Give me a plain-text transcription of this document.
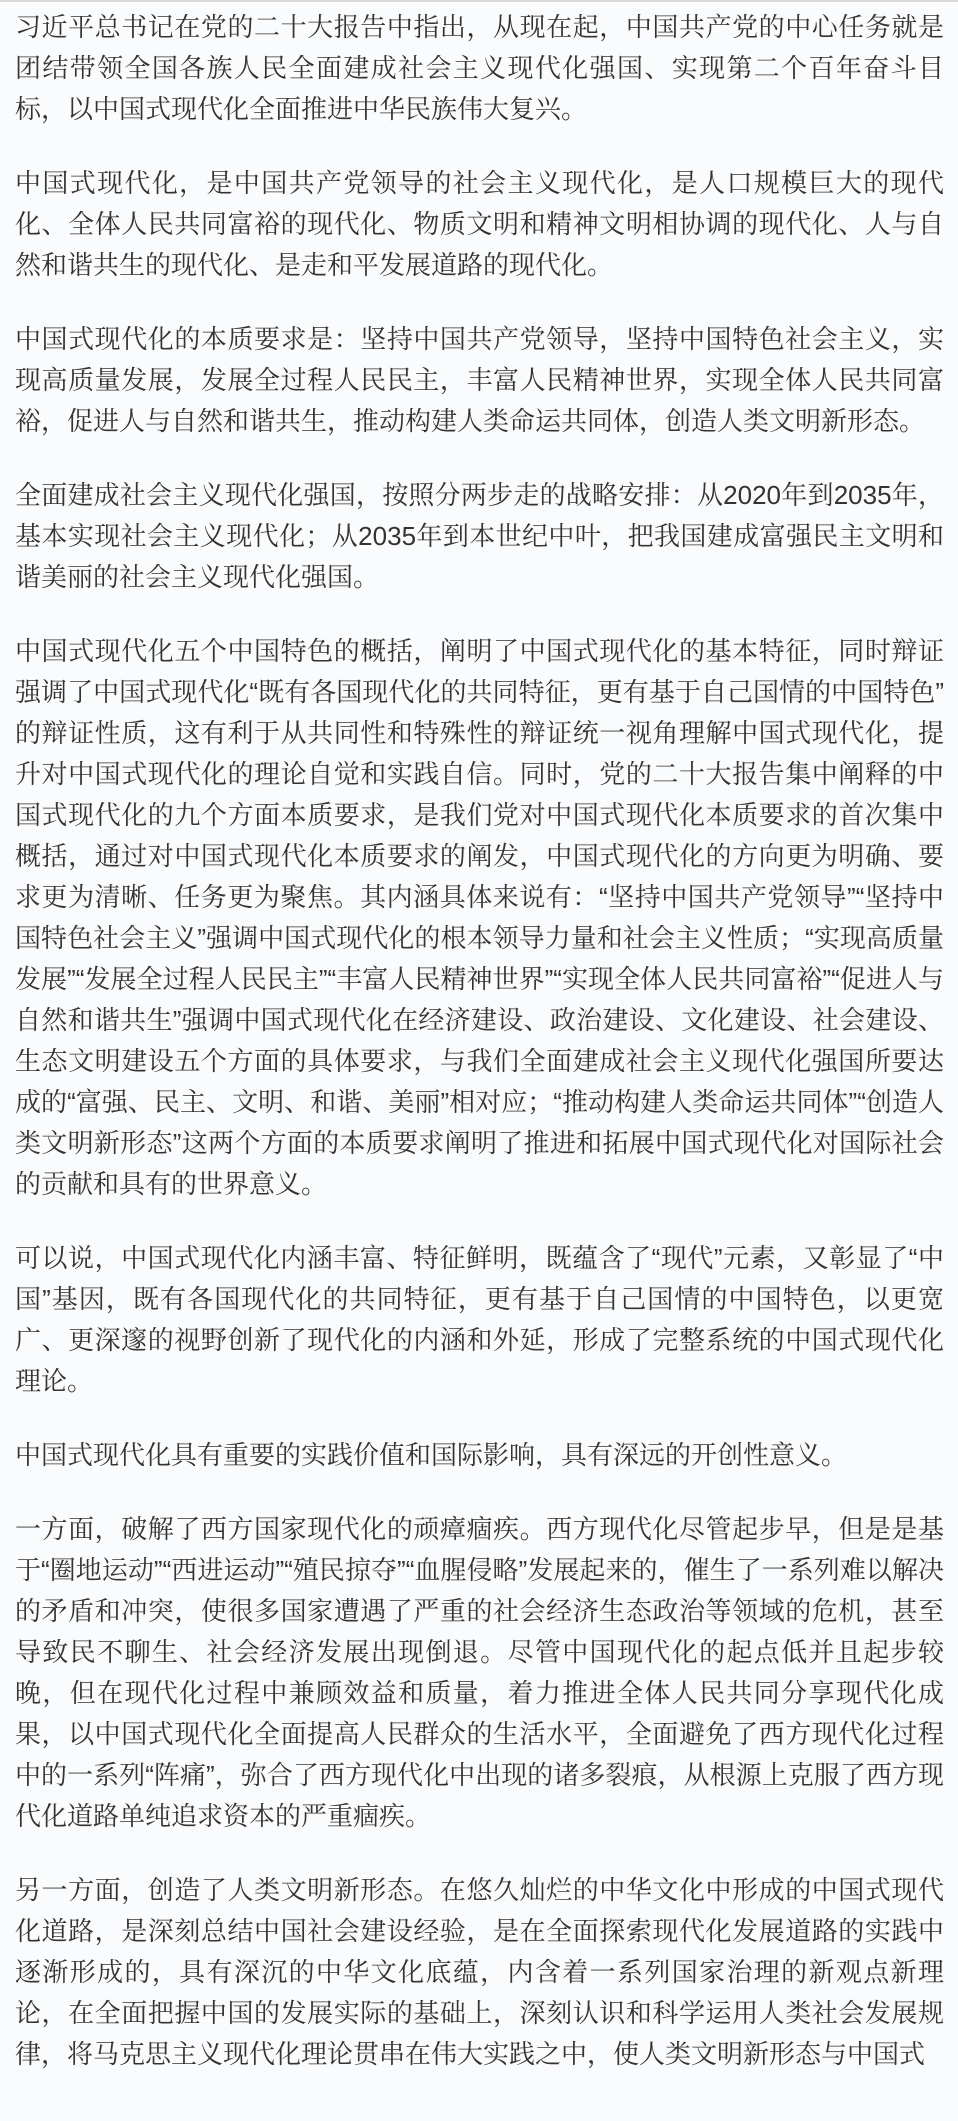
习近平总书记在党的二十大报告中指出，从现在起，中国共产党的中心任务就是团结带领全国各族人民全面建成社会主义现代化强国、实现第二个百年奋斗目标，以中国式现代化全面推进中华民族伟大复兴。

中国式现代化，是中国共产党领导的社会主义现代化，是人口规模巨大的现代化、全体人民共同富裕的现代化、物质文明和精神文明相协调的现代化、人与自然和谐共生的现代化、是走和平发展道路的现代化。

中国式现代化的本质要求是：坚持中国共产党领导，坚持中国特色社会主义，实现高质量发展，发展全过程人民民主，丰富人民精神世界，实现全体人民共同富裕，促进人与自然和谐共生，推动构建人类命运共同体，创造人类文明新形态。

全面建成社会主义现代化强国，按照分两步走的战略安排：从2020年到2035年，基本实现社会主义现代化；从2035年到本世纪中叶，把我国建成富强民主文明和谐美丽的社会主义现代化强国。

中国式现代化五个中国特色的概括，阐明了中国式现代化的基本特征，同时辩证强调了中国式现代化“既有各国现代化的共同特征，更有基于自己国情的中国特色”的辩证性质，这有利于从共同性和特殊性的辩证统一视角理解中国式现代化，提升对中国式现代化的理论自觉和实践自信。同时，党的二十大报告集中阐释的中国式现代化的九个方面本质要求，是我们党对中国式现代化本质要求的首次集中概括，通过对中国式现代化本质要求的阐发，中国式现代化的方向更为明确、要求更为清晰、任务更为聚焦。其内涵具体来说有：“坚持中国共产党领导”“坚持中国特色社会主义”强调中国式现代化的根本领导力量和社会主义性质；“实现高质量发展”“发展全过程人民民主”“丰富人民精神世界”“实现全体人民共同富裕”“促进人与自然和谐共生”强调中国式现代化在经济建设、政治建设、文化建设、社会建设、生态文明建设五个方面的具体要求，与我们全面建成社会主义现代化强国所要达成的“富强、民主、文明、和谐、美丽”相对应；“推动构建人类命运共同体”“创造人类文明新形态”这两个方面的本质要求阐明了推进和拓展中国式现代化对国际社会的贡献和具有的世界意义。

可以说，中国式现代化内涵丰富、特征鲜明，既蕴含了“现代”元素，又彰显了“中国”基因，既有各国现代化的共同特征，更有基于自己国情的中国特色，以更宽广、更深邃的视野创新了现代化的内涵和外延，形成了完整系统的中国式现代化理论。

中国式现代化具有重要的实践价值和国际影响，具有深远的开创性意义。

一方面，破解了西方国家现代化的顽瘴痼疾。西方现代化尽管起步早，但是是基于“圈地运动”“西进运动”“殖民掠夺”“血腥侵略”发展起来的，催生了一系列难以解决的矛盾和冲突，使很多国家遭遇了严重的社会经济生态政治等领域的危机，甚至导致民不聊生、社会经济发展出现倒退。尽管中国现代化的起点低并且起步较晚，但在现代化过程中兼顾效益和质量，着力推进全体人民共同分享现代化成果，以中国式现代化全面提高人民群众的生活水平，全面避免了西方现代化过程中的一系列“阵痛”，弥合了西方现代化中出现的诸多裂痕，从根源上克服了西方现代化道路单纯追求资本的严重痼疾。

另一方面，创造了人类文明新形态。在悠久灿烂的中华文化中形成的中国式现代化道路，是深刻总结中国社会建设经验，是在全面探索现代化发展道路的实践中逐渐形成的，具有深沉的中华文化底蕴，内含着一系列国家治理的新观点新理论，在全面把握中国的发展实际的基础上，深刻认识和科学运用人类社会发展规律，将马克思主义现代化理论贯串在伟大实践之中，使人类文明新形态与中国式
